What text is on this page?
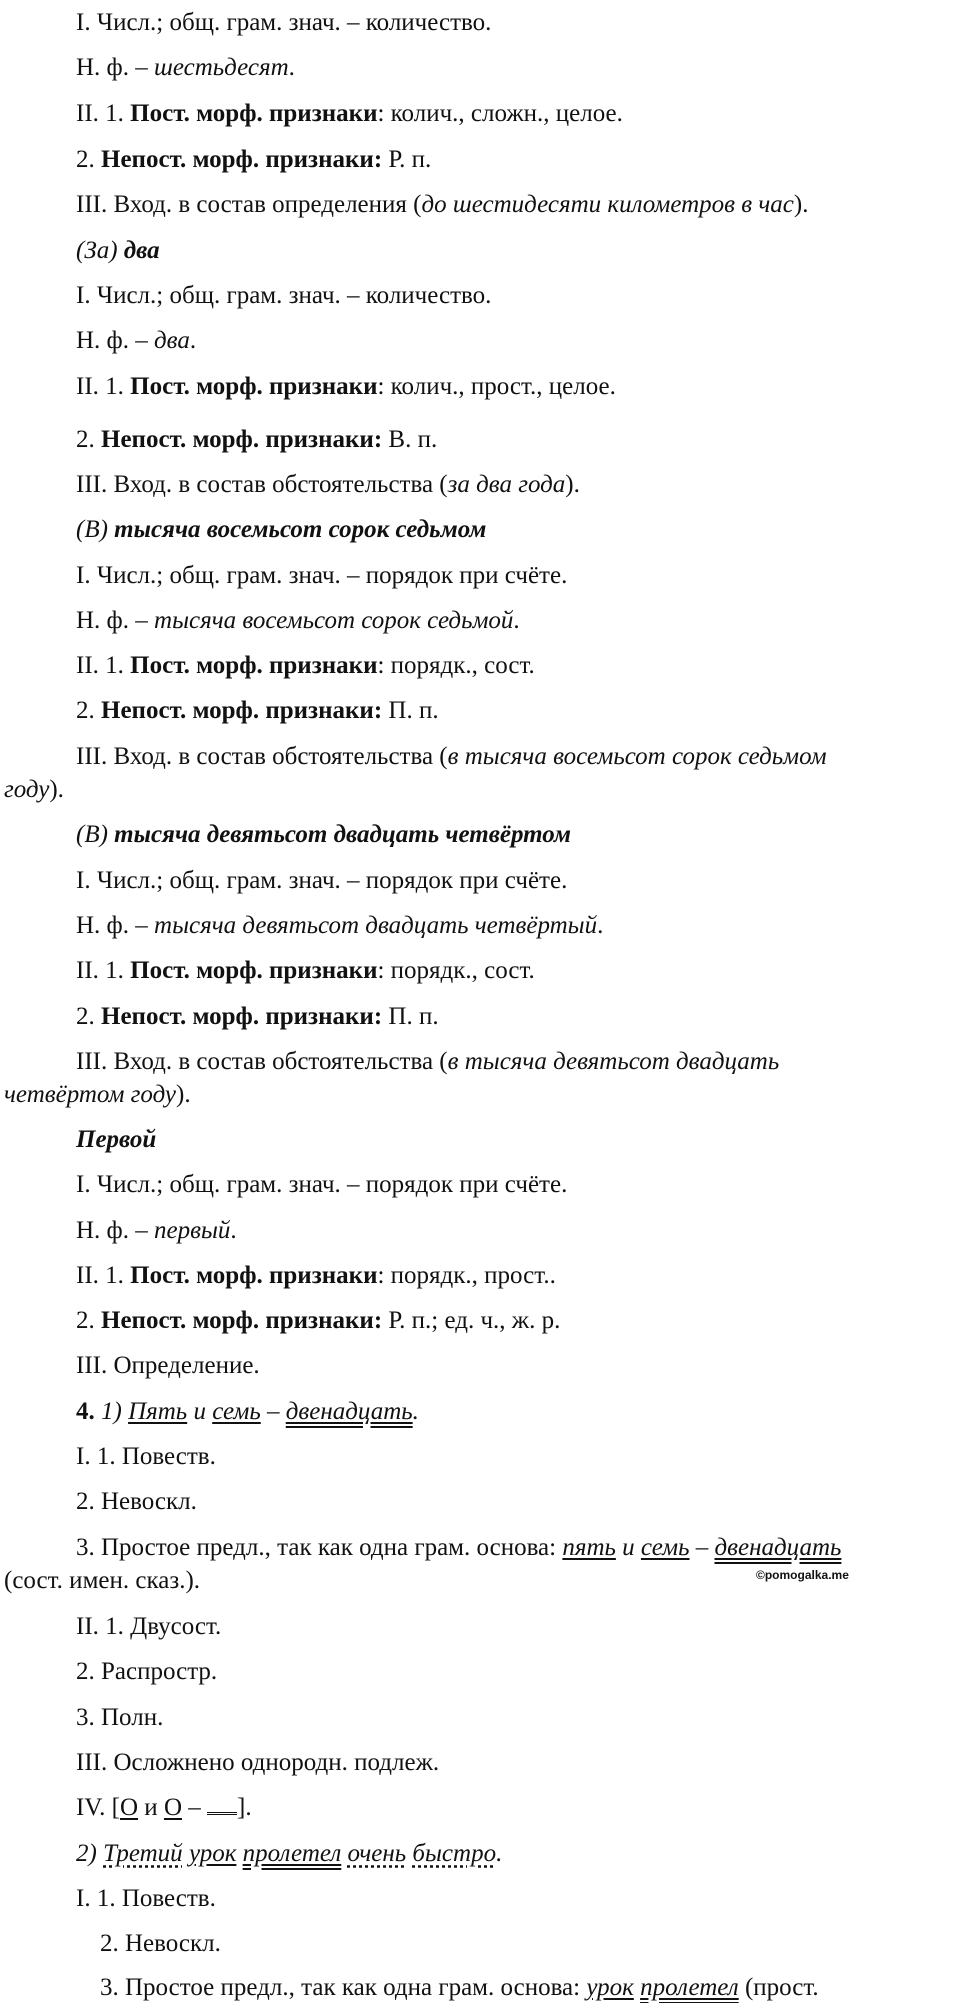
I. Числ.; общ. грам. знач. – количество.

Н. ф. – шестьдесят.

II. 1. Пост. морф. признаки: колич., сложн., целое.

2. Непост. морф. признаки: Р. п.

III. Вход. в состав определения (до шестидесяти километров в час).

(За) два

I. Числ.; общ. грам. знач. – количество.

Н. ф. – два.

II. 1. Пост. морф. признаки: колич., прост., целое.

2. Непост. морф. признаки: В. п.

III. Вход. в состав обстоятельства (за два года).

(В) тысяча восемьсот сорок седьмом

I. Числ.; общ. грам. знач. – порядок при счёте.

Н. ф. – тысяча восемьсот сорок седьмой.

II. 1. Пост. морф. признаки: порядк., сост.

2. Непост. морф. признаки: П. п.

III. Вход. в состав обстоятельства (в тысяча восемьсот сорок седьмом

году).

(В) тысяча девятьсот двадцать четвёртом

I. Числ.; общ. грам. знач. – порядок при счёте.

Н. ф. – тысяча девятьсот двадцать четвёртый.

II. 1. Пост. морф. признаки: порядк., сост.

2. Непост. морф. признаки: П. п.

III. Вход. в состав обстоятельства (в тысяча девятьсот двадцать

четвёртом году).

Первой

I. Числ.; общ. грам. знач. – порядок при счёте.

Н. ф. – первый.

II. 1. Пост. морф. признаки: порядк., прост..

2. Непост. морф. признаки: Р. п.; ед. ч., ж. р.

III. Определение.

4. 1) Пять и семь – двенадцать.

I. 1. Повеств.

2. Невоскл.

3. Простое предл., так как одна грам. основа: пять и семь – двенадцать

(сост. имен. сказ.).	©pomogalka.me

II. 1. Двусост.

2. Распростр.

3. Полн.

III. Осложнено однородн. подлеж.

IV. [О и О – ].

2) Третий урок пролетел очень быстро.

I. 1. Повеств.

2. Невоскл.

3. Простое предл., так как одна грам. основа: урок пролетел (прост.
